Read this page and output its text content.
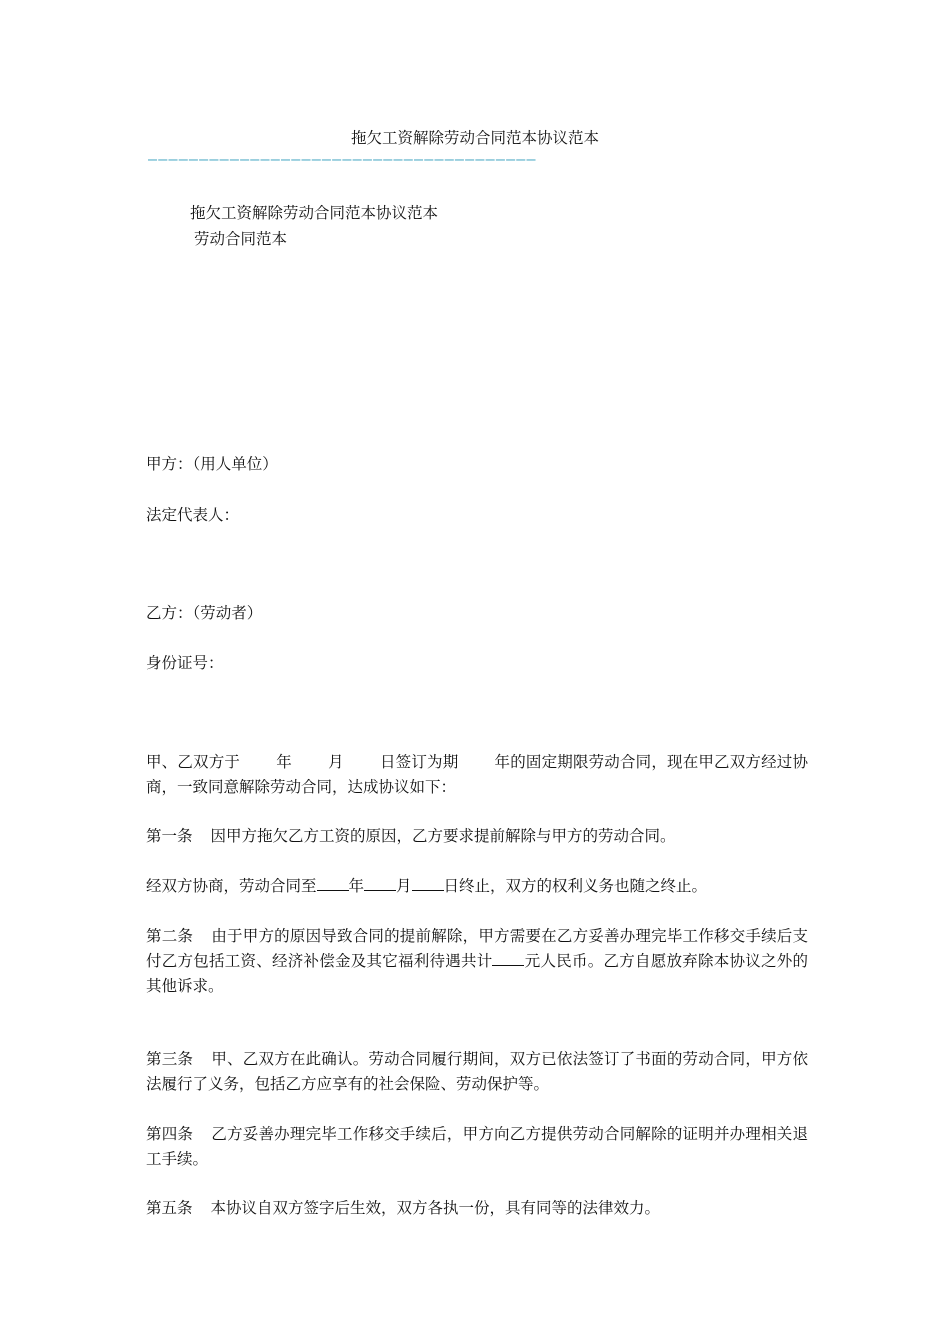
拖欠工资解除劳动合同范本协议范本
——————————————————————————————————————
拖欠工资解除劳动合同范本协议范本
劳动合同范本
甲方：（用人单位）
法定代表人：
乙方：（劳动者）
身份证号：
甲、乙双方于 年 月 日签订为期 年的固定期限劳动合同，现在甲乙双方经过协商，一致同意解除劳动合同，达成协议如下：
第一条 因甲方拖欠乙方工资的原因，乙方要求提前解除与甲方的劳动合同。
经双方协商，劳动合同至 年 月 日终止，双方的权利义务也随之终止。
第二条 由于甲方的原因导致合同的提前解除，甲方需要在乙方妥善办理完毕工作移交手续后支付乙方包括工资、经济补偿金及其它福利待遇共计 元人民币。乙方自愿放弃除本协议之外的其他诉求。
第三条 甲、乙双方在此确认。劳动合同履行期间，双方已依法签订了书面的劳动合同，甲方依法履行了义务，包括乙方应享有的社会保险、劳动保护等。
第四条 乙方妥善办理完毕工作移交手续后，甲方向乙方提供劳动合同解除的证明并办理相关退工手续。
第五条 本协议自双方签字后生效，双方各执一份，具有同等的法律效力。
